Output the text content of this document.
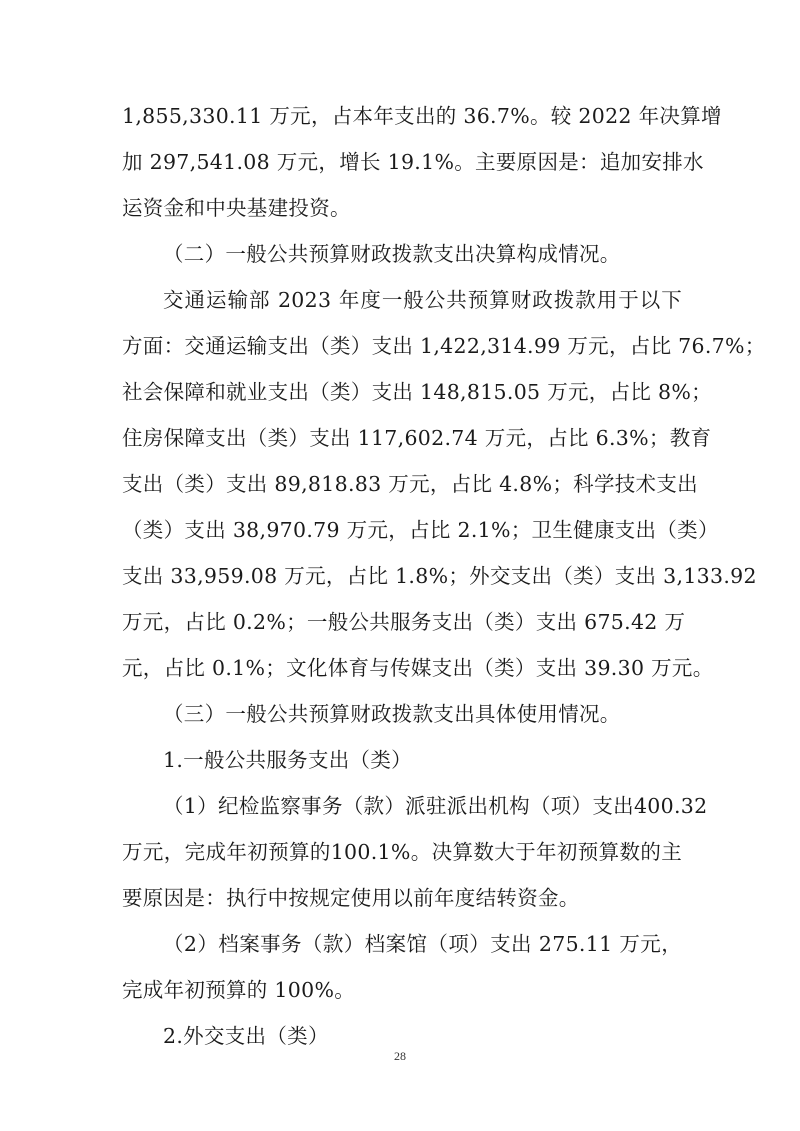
1,855,330.11 万元，占本年支出的 36.7%。较 2022 年决算增
加 297,541.08 万元，增长 19.1%。主要原因是：追加安排水
运资金和中央基建投资。
（二）一般公共预算财政拨款支出决算构成情况。
交通运输部 2023 年度一般公共预算财政拨款用于以下
方面：交通运输支出（类）支出 1,422,314.99 万元，占比 76.7%；
社会保障和就业支出（类）支出 148,815.05 万元，占比 8%；
住房保障支出（类）支出 117,602.74 万元，占比 6.3%；教育
支出（类）支出 89,818.83 万元，占比 4.8%；科学技术支出
（类）支出 38,970.79 万元，占比 2.1%；卫生健康支出（类）
支出 33,959.08 万元，占比 1.8%；外交支出（类）支出 3,133.92
万元，占比 0.2%；一般公共服务支出（类）支出 675.42 万
元，占比 0.1%；文化体育与传媒支出（类）支出 39.30 万元。
（三）一般公共预算财政拨款支出具体使用情况。
1.一般公共服务支出（类）
（1）纪检监察事务（款）派驻派出机构（项）支出400.32
万元，完成年初预算的100.1%。决算数大于年初预算数的主
要原因是：执行中按规定使用以前年度结转资金。
（2）档案事务（款）档案馆（项）支出 275.11 万元，
完成年初预算的 100%。
2.外交支出（类）
28
